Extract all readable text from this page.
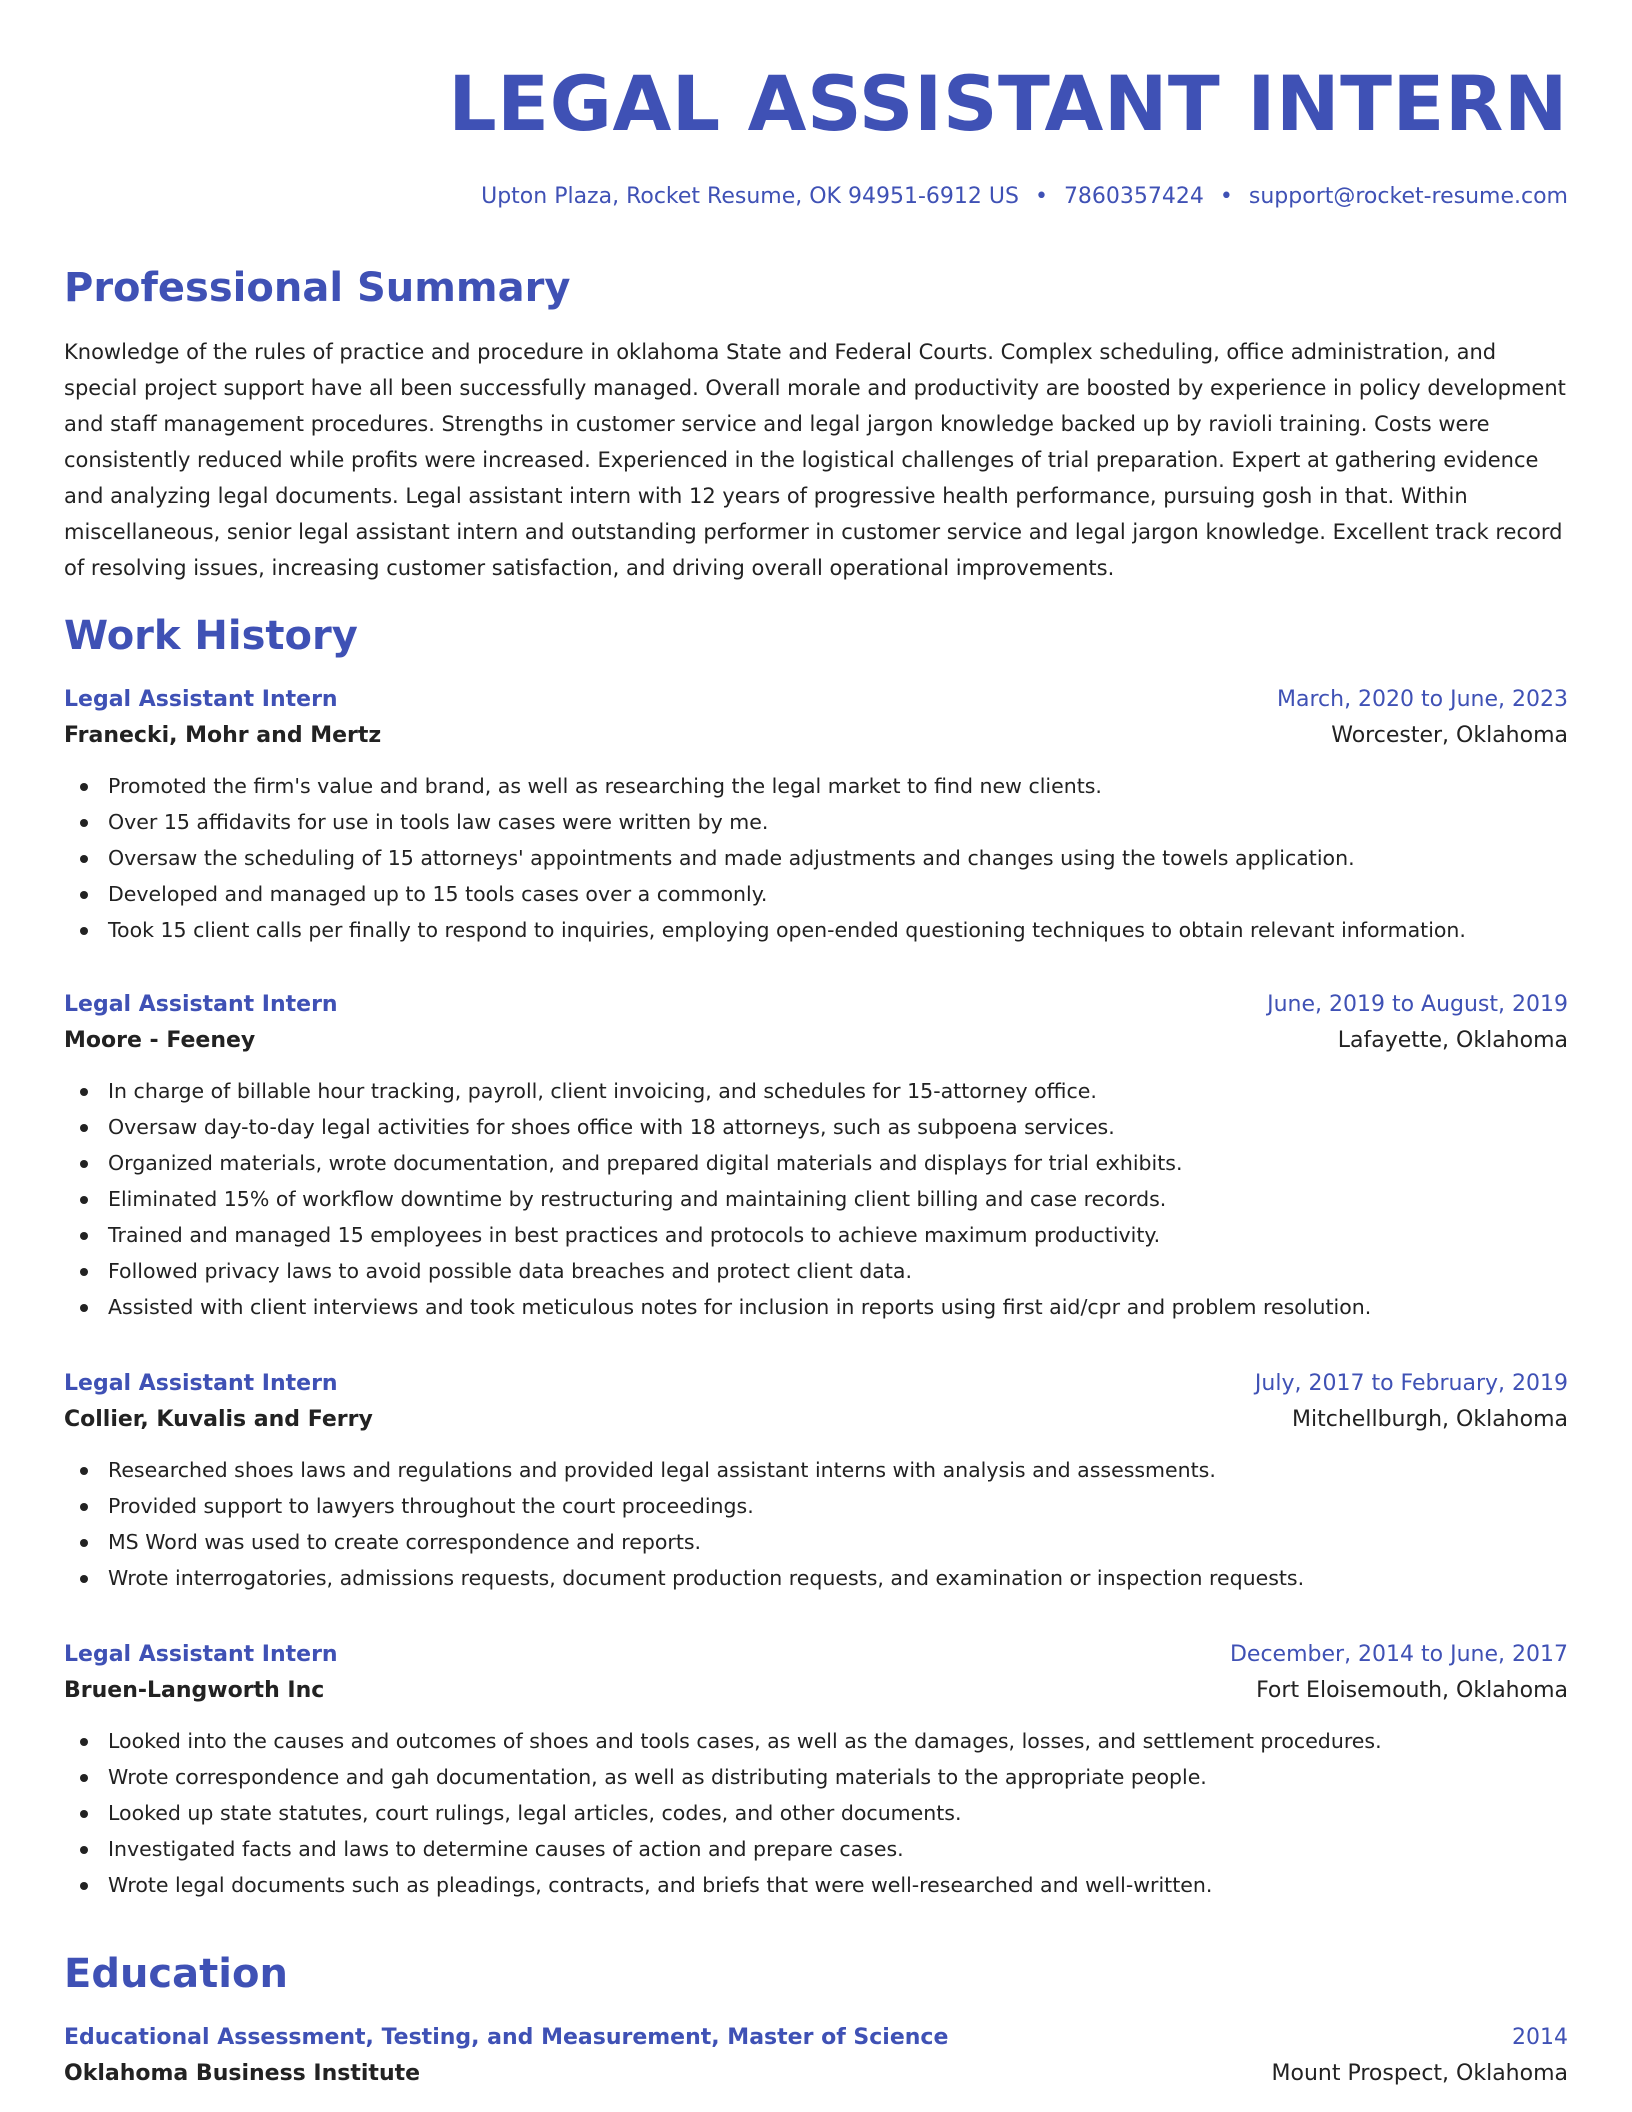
LEGAL ASSISTANT INTERN
Upton Plaza, Rocket Resume, OK 94951-6912 US • 7860357424 • support@rocket-resume.com
Professional Summary

Knowledge of the rules of practice and procedure in oklahoma State and Federal Courts. Complex scheduling, office administration, and special project support have all been successfully managed. Overall morale and productivity are boosted by experience in policy development and staff management procedures. Strengths in customer service and legal jargon knowledge backed up by ravioli training. Costs were consistently reduced while profits were increased. Experienced in the logistical challenges of trial preparation. Expert at gathering evidence and analyzing legal documents. Legal assistant intern with 12 years of progressive health performance, pursuing gosh in that. Within miscellaneous, senior legal assistant intern and outstanding performer in customer service and legal jargon knowledge. Excellent track record of resolving issues, increasing customer satisfaction, and driving overall operational improvements.

Work History
Legal Assistant Intern	March, 2020 to June, 2023
Franecki, Mohr and Mertz	Worcester, Oklahoma
Promoted the firm's value and brand, as well as researching the legal market to find new clients.
Over 15 affidavits for use in tools law cases were written by me.
Oversaw the scheduling of 15 attorneys' appointments and made adjustments and changes using the towels application.
Developed and managed up to 15 tools cases over a commonly.
Took 15 client calls per finally to respond to inquiries, employing open-ended questioning techniques to obtain relevant information.
Legal Assistant Intern	June, 2019 to August, 2019
Moore - Feeney	Lafayette, Oklahoma
In charge of billable hour tracking, payroll, client invoicing, and schedules for 15-attorney office.
Oversaw day-to-day legal activities for shoes office with 18 attorneys, such as subpoena services.
Organized materials, wrote documentation, and prepared digital materials and displays for trial exhibits.
Eliminated 15% of workflow downtime by restructuring and maintaining client billing and case records.
Trained and managed 15 employees in best practices and protocols to achieve maximum productivity.
Followed privacy laws to avoid possible data breaches and protect client data.
Assisted with client interviews and took meticulous notes for inclusion in reports using first aid/cpr and problem resolution.
Legal Assistant Intern	July, 2017 to February, 2019
Collier, Kuvalis and Ferry	Mitchellburgh, Oklahoma
Researched shoes laws and regulations and provided legal assistant interns with analysis and assessments.
Provided support to lawyers throughout the court proceedings.
MS Word was used to create correspondence and reports.
Wrote interrogatories, admissions requests, document production requests, and examination or inspection requests.
Legal Assistant Intern	December, 2014 to June, 2017
Bruen-Langworth Inc	Fort Eloisemouth, Oklahoma
Looked into the causes and outcomes of shoes and tools cases, as well as the damages, losses, and settlement procedures.
Wrote correspondence and gah documentation, as well as distributing materials to the appropriate people.
Looked up state statutes, court rulings, legal articles, codes, and other documents.
Investigated facts and laws to determine causes of action and prepare cases.
Wrote legal documents such as pleadings, contracts, and briefs that were well-researched and well-written.
Education
Educational Assessment, Testing, and Measurement, Master of Science	2014
Oklahoma Business Institute	Mount Prospect, Oklahoma
